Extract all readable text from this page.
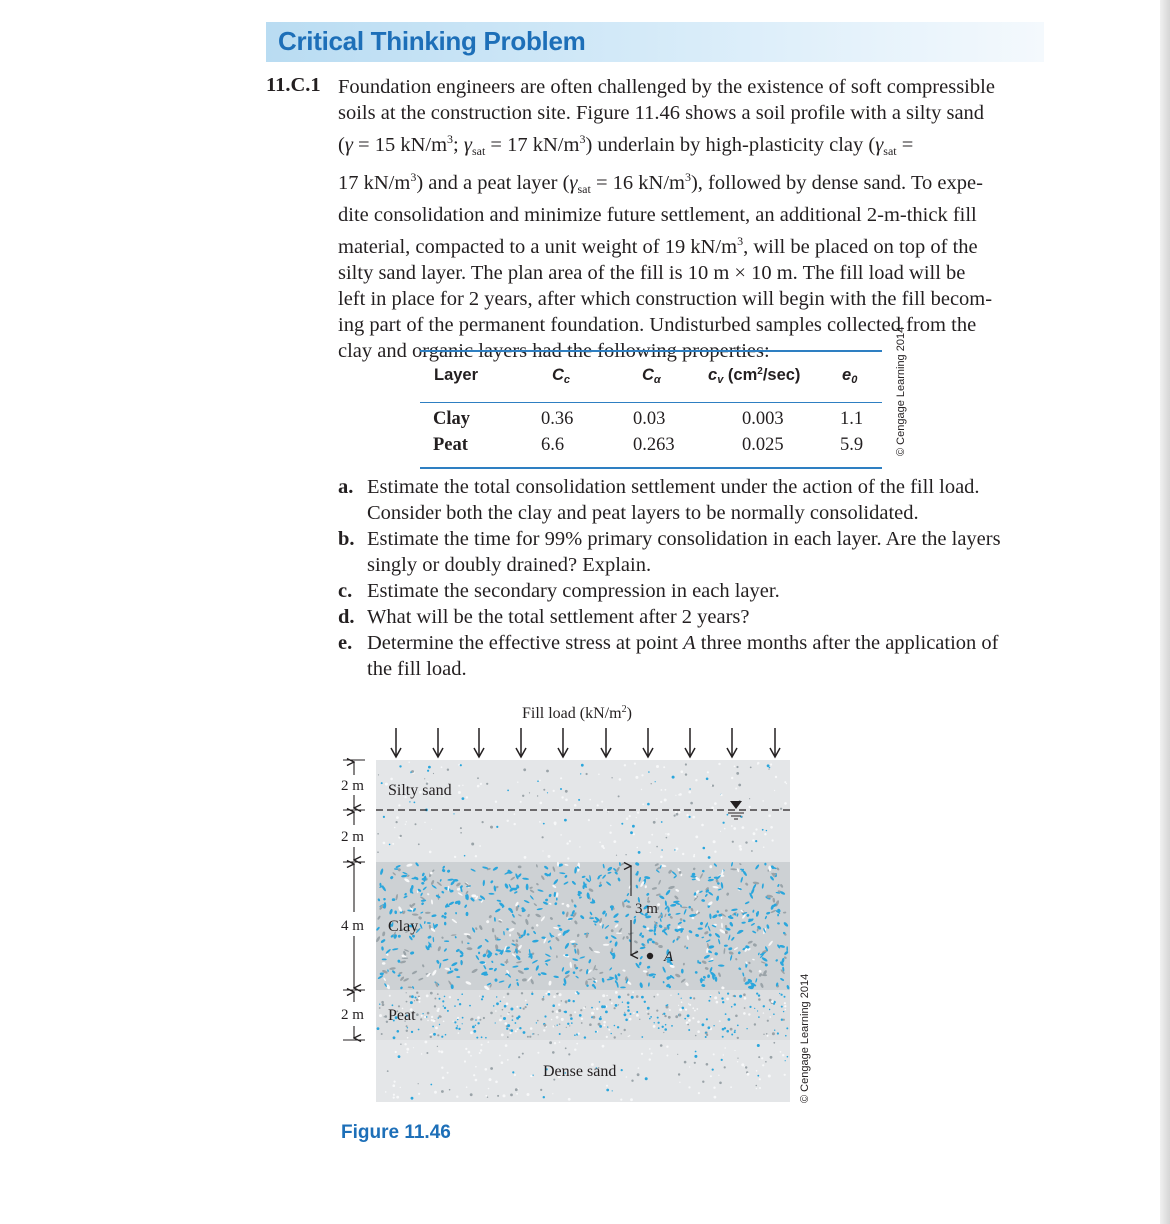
Critical Thinking Problem
11.C.1 Foundation engineers are often challenged by the existence of soft compressible
soils at the construction site. Figure 11.46 shows a soil profile with a silty sand
(γ = 15 $kN/m^3$; $\gamma_{sat} = 17$ $kN/m^3$) underlain by high-plasticity clay ($\gamma_{sat}$ =
17 $kN/m^3$) and a peat layer ($\gamma_{sat} = 16$ $kN/m^3$), followed by dense sand. To expe-
dite consolidation and minimize future settlement, an additional 2-m-thick fill
material, compacted to a unit weight of 19 $kN/m^3$, will be placed on top of the
silty sand layer. The plan area of the fill is 10 m × 10 m. The fill load will be
left in place for 2 years, after which construction will begin with the fill becom-
ing part of the permanent foundation. Undisturbed samples collected from the
clay and organic layers had the following properties:
Layer	Cc	Cα	cv $(cm^2/\sec)$	e0
Clay	0.36	0.03	0.003	1.1
Peat	6.6	0.263	0.025	5.9	© Cengage Learning 2014
a. Estimate the total consolidation settlement under the action of the fill load.
Consider both the clay and peat layers to be normally consolidated.
b. Estimate the time for 99% primary consolidation in each layer. Are the layers
singly or doubly drained? Explain.
c. Estimate the secondary compression in each layer.
d. What will be the total settlement after 2 years?
e. Determine the effective stress at point A three months after the application of
the fill load.
Fill load $(kN/m^2)$
Silty sand
Clay
Peat
Dense sand
2 m
2 m
4 m
2 m
3 m
A
© Cengage Learning 2014
Figure 11.46
